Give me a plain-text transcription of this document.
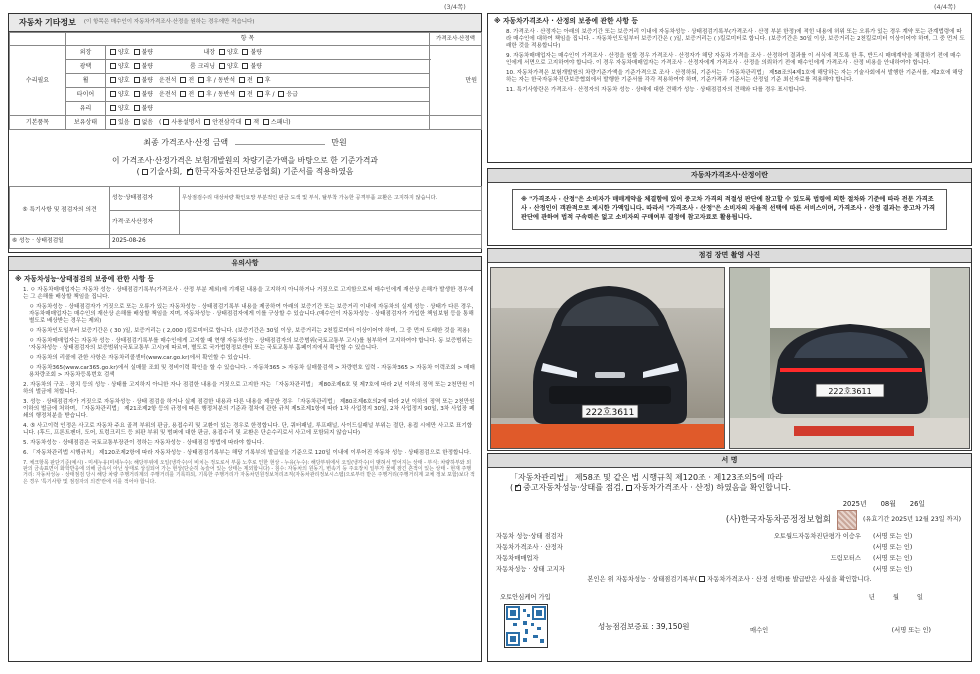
(3/4쪽)	(4/4쪽)
자동차 기타정보 (이 항목은 매수인이 자동차가격조사·산정을 원하는 경우에만 적습니다)
	항 목		가격조사·산정액
수리필요	외장	양호 불량 내장 양호 불량	만원
	광택	양호 불량 룸 크리닝 양호 불량	
	휠	양호 불량 운전석 전 후 / 동반석 전 후	
	타이어	양호 불량 운전석 전 후 / 동반석 전 후 / 응급	
	유리	양호 불량	
기본품목	보유상태	있음 없음 ( 사용설명서 안전삼각대 잭 스패너)	
최종 가격조사·산정 금액	만원
이 가격조사·산정가격은 보험개발원의 차량기준가액을 바탕으로 한 기준가격과
( 기술사회, ✓ 한국자동차진단보증협회) 기준서를 적용하였음
⑤ 특기사항 및 점검자의 의견	성능·상태점검자	무상점검수리 대상차량 확인요망 부분적인 판금 도색 및 부식, 탈부착 가능한 공격부품 교환은 고지하지 않습니다.
	가격·조사산정자	
⑥ 성능 · 상태점검일	2025-08-26	
유의사항
※ 자동차성능·상태점검의 보증에 관한 사항 등
1. ㅇ 자동차매매업자는 자동차 성능 · 상태점검기록부(가격조사 · 산정 부분 제외)에 기재된 내용을 고지하지 아니하거나 거짓으로 고지함으로써 매수인에게 재산상 손해가 발생한 경우에는 그 손해를 배상할 책임을 집니다.
ㅇ 자동차성능 · 상태점검자가 거짓으로 또는 오류가 있는 자동차성능 · 상태점검기록부 내용을 제공하여 아래의 보증기간 또는 보증거리 이내에 자동차의 실제 성능 · 상태가 다른 경우, 자동차매매업자는 매수인의 재산상 손해를 배상할 책임을 지며, 자동차성능 · 상태점검자에게 이를 구상할 수 있습니다.(매수인이 자동차성능 · 상태점검자가 가입한 책임보험 등을 통해 별도로 배상받는 경우는 제외)
ㅇ 자동차인도일부터 보증기간은 ( 30 )일, 보증거리는 ( 2,000 )킬로미터로 합니다. (보증기간은 30일 이상, 보증거리는 2천킬로미터 이상이어야 하며, 그 중 먼저 도래한 것을 적용)
ㅇ 자동차매매업자는 자동차 성능 · 상태점검기록부를 매수인에게 고지할 때 현행 자동차성능 · 상태점검자의 보증범위(국토교통부 고시)를 첨부하여 고지하여야 합니다. 동 보증범위는 '자동차성능 · 상태점검자의 보증범위'(국토교통부 고시)에 따르며, 별도로 국가법령정보센터 또는 국토교통부 홈페이지에서 확인할 수 있습니다.
ㅇ 자동차의 리콜에 관한 사항은 자동차리콜센터(www.car.go.kr)에서 확인할 수 있습니다.
ㅇ 자동차365(www.car365.go.kr)에서 실매물 조회 및 정비이력 확인을 할 수 있습니다. - 자동차365 > 자동차 실매물검색 > 차량번호 입력 - 자동차365 > 자동차 이력조회 > 매매용차량조회 > 자동차등록번호 검색
2. 자동차의 구조 · 장치 등의 성능 · 상태를 고지하지 아니한 자나 점검한 내용을 거짓으로 고지한 자는 「자동차관리법」 제80조제6호 및 제7호에 따라 2년 이하의 징역 또는 2천만원 이하의 벌금에 처합니다.
3. 성능 · 상태점검자가 거짓으로 자동차성능 · 상태 점검을 하거나 실제 점검한 내용과 다른 내용을 제공한 경우 「자동차관리법」 제80조제6호의2에 따라 2년 이하의 징역 또는 2천만원 이하의 벌금에 처하며, 「자동차관리법」 제21조제2항 등의 규정에 따른 행정처분의 기준과 절차에 관한 규칙 제5조제1항에 따라 1차 사업정지 30일, 2차 사업정지 90일, 3차 사업장 폐쇄의 행정처분을 받습니다.
4. ⑤ 사고이력 인정은 사고로 자동차 주요 골격 부위의 판금, 용접수리 및 교환이 있는 경우로 한정합니다. 단, 쿼터패널, 루프패널, 사이드실패널 부위는 절단, 용접 시에만 사고로 표기합니다. (후드, 프론트펜더, 도어, 트렁크리드 등 외판 부위 및 범퍼에 대한 판금, 용접수리 및 교환은 단순수리로서 사고에 포함되지 않습니다)
5. 자동차성능 · 상태점검은 국토교통부장관이 정하는 자동차성능 · 상태점검 방법에 따라야 합니다.
6. 「자동차관리법 시행규칙」 제120조제2항에 따라 자동차성능 · 상태점검기록부는 해당 기록부의 발급일을 기준으로 120일 이내에 이루어진 자동차 성능 · 상태점검으로 한정합니다.
7. 체크항목 판단기준(예시) - 미세누유(미세누수): 해당부위에 오일(냉각수)이 비치는 정도로서 부품 노후로 인한 현상 - 누유(누수): 해당부위에서 오일(냉각수)이 맺혀서 떨어지는 상태 - 부식: 차량하부와 외판의 금속표면이 화학반응에 의해 금속이 아닌 상태로 상실되어 가는 현상(단순히 녹슬어 있는 상태는 제외합니다) - 침수: 자동차의 원동기, 변속기 등 주요장치 일부가 물에 잠긴 흔적이 있는 상태 - 현재 주행거리: 자동차성능 · 상태점검 당시 해당 차량 주행거리계의 주행거리를 기록하되, 기록한 주행거리가 자동차민원정보처리조직(자동차관리정보시스템)으로부터 받은 주행거리(주행거리계 교체 정보 포함)보다 적은 경우 '특기사항 및 점검자의 의견'란에 이를 적어야 합니다.
※ 자동차가격조사 · 산정의 보증에 관한 사항 등
8. 가격조사 · 산정자는 아래의 보증기간 또는 보증거리 이내에 자동차성능 · 상태점검기록부(가격조사 · 산정 부분 한정)에 적힌 내용에 허위 또는 오류가 있는 경우 계약 또는 관계법령에 따라 매수인에 대하여 책임을 집니다. - 자동차인도일부터 보증기간은 ( )일, 보증거리는 ( )킬로미터로 합니다. (보증기간은 30일 이상, 보증거리는 2천킬로미터 이상이어야 하며, 그 중 먼저 도래한 것을 적용합니다)
9. 자동차매매업자는 매수인이 가격조사 · 산정을 원할 경우 가격조사 · 산정자가 해당 자동차 가격을 조사 · 산정하여 결과를 이 서식에 적도록 한 후, 반드시 매매계약을 체결하기 전에 매수인에게 서면으로 고지하여야 합니다. 이 경우 자동차매매업자는 가격조사 · 산정자에게 가격조사 · 산정을 의뢰하기 전에 매수인에게 가격조사 · 산정 비용을 안내하여야 합니다.
10. 자동차가격은 보험개발원의 차량기준가액을 기준가격으로 조사 · 산정하되, 기준서는 「자동차관리법」 제58조의4제1호에 해당하는 자는 기술사회에서 발행한 기준서를, 제2호에 해당하는 자는 한국자동차진단보증협회에서 발행한 기준서를 각각 적용하여야 하며, 기준가격과 기준서는 산정일 기준 최신자료를 적용해야 합니다.
11. 특기사항란은 가격조사 · 산정자의 자동차 성능 · 상태에 대한 견해가 성능 · 상태점검자의 견해와 다를 경우 표시합니다.
자동차가격조사·산정이란
※ "가격조사 · 산정"은 소비자가 매매계약을 체결함에 있어 중고차 가격의 적절성 판단에 참고할 수 있도록 법령에 의한 절차와 기준에 따라 전문 가격조사 · 산정인이 객관적으로 제시한 가액입니다. 따라서 "가격조사 · 산정"은 소비자의 자율적 선택에 따른 서비스이며, 가격조사 · 산정 결과는 중고차 가격판단에 관하여 법적 구속력은 없고 소비자의 구매여부 결정에 참고자료로 활용됩니다.
점검 장면 촬영 사진
222호3611
222호3611
서 명
「자동차관리법」 제58조 및 같은 법 시행규칙 제120조 · 제123조의5에 따라
( ✓ 중고자동차성능·상태를 점검, 자동차가격조사 · 산정) 하였음을 확인합니다.
2025년 08월 26일
(사)한국자동차공정정보협회	(유효기간 2025년 12월 23일 까지)
자동차 성능·상태 점검자	오토월드자동차진단평가 이승우	(서명 또는 인)
자동차가격조사 · 산정자	(서명 또는 인)
자동차매매업자	드림모터스	(서명 또는 인)
자동차성능 · 상태 고지자	(서명 또는 인)
본인은 위 자동차성능 · 상태점검기록부( 자동차가격조사 · 산정 선택)를 발급받은 사실을 확인합니다.
오토안심케어 가입	년	월	일
성능점검보증료 : 39,150원	매수인	(서명 또는 인)
